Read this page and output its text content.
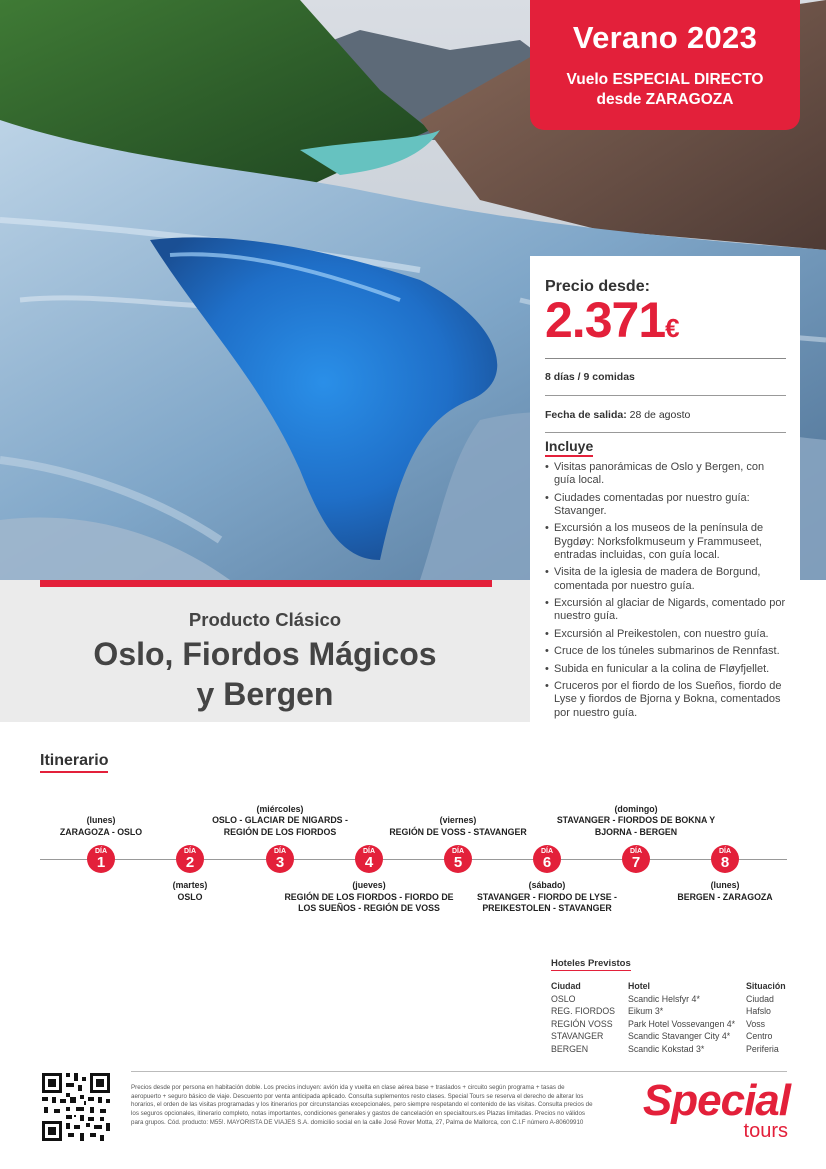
Verano 2023
Vuelo ESPECIAL DIRECTO
desde ZARAGOZA
Precio desde:
2.371€
8 días / 9 comidas
Fecha de salida: 28 de agosto
Incluye
• Visitas panorámicas de Oslo y Bergen, con guía local.
• Ciudades comentadas por nuestro guía: Stavanger.
• Excursión a los museos de la península de Bygdøy: Norksfolkmuseum y Frammuseet, entradas incluidas, con guía local.
• Visita de la iglesia de madera de Borgund, comentada por nuestro guía.
• Excursión al glaciar de Nigards, comentado por nuestro guía.
• Excursión al Preikestolen, con nuestro guía.
• Cruce de los túneles submarinos de Rennfast.
• Subida en funicular a la colina de Fløyfjellet.
• Cruceros por el fiordo de los Sueños, fiordo de Lyse y fiordos de Bjorna y Bokna, comentados por nuestro guía.
Producto Clásico
Oslo, Fiordos Mágicos
y Bergen
Itinerario
(lunes)
ZARAGOZA - OSLO
(miércoles)
OSLO - GLACIAR DE NIGARDS - REGIÓN DE LOS FIORDOS
(viernes)
REGIÓN DE VOSS - STAVANGER
(domingo)
STAVANGER - FIORDOS DE BOKNA Y BJORNA - BERGEN
DÍA
1
DÍA
2
DÍA
3
DÍA
4
DÍA
5
DÍA
6
DÍA
7
DÍA
8
(martes)
OSLO
(jueves)
REGIÓN DE LOS FIORDOS - FIORDO DE LOS SUEÑOS - REGIÓN DE VOSS
(sábado)
STAVANGER - FIORDO DE LYSE - PREIKESTOLEN - STAVANGER
(lunes)
BERGEN - ZARAGOZA
Hoteles Previstos
Ciudad
OSLO
REG. FIORDOS
REGIÓN VOSS
STAVANGER
BERGEN
Hotel
Scandic Helsfyr 4*
Eikum 3*
Park Hotel Vossevangen 4*
Scandic Stavanger City 4*
Scandic Kokstad 3*
Situación
Ciudad
Hafslo
Voss
Centro
Periferia
Precios desde por persona en habitación doble. Los precios incluyen: avión ida y vuelta en clase aérea base + traslados + circuito según programa + tasas de aeropuerto + seguro básico de viaje. Descuento por venta anticipada aplicado. Consulta suplementos resto clases. Special Tours se reserva el derecho de alterar los horarios, el orden de las visitas programadas y los itinerarios por circunstancias excepcionales, pero siempre respetando el contenido de las visitas. Consulta precios de los seguros opcionales, itinerario completo, notas importantes, condiciones generales y gastos de cancelación en specialtours.es Plazas limitadas. Precios no válidos para grupos. Cód. producto: M55!. MAYORISTA DE VIAJES S.A. domicilio social en la calle José Rover Motta, 27, Palma de Mallorca, con C.I.F número A-80609910 Special
tours
